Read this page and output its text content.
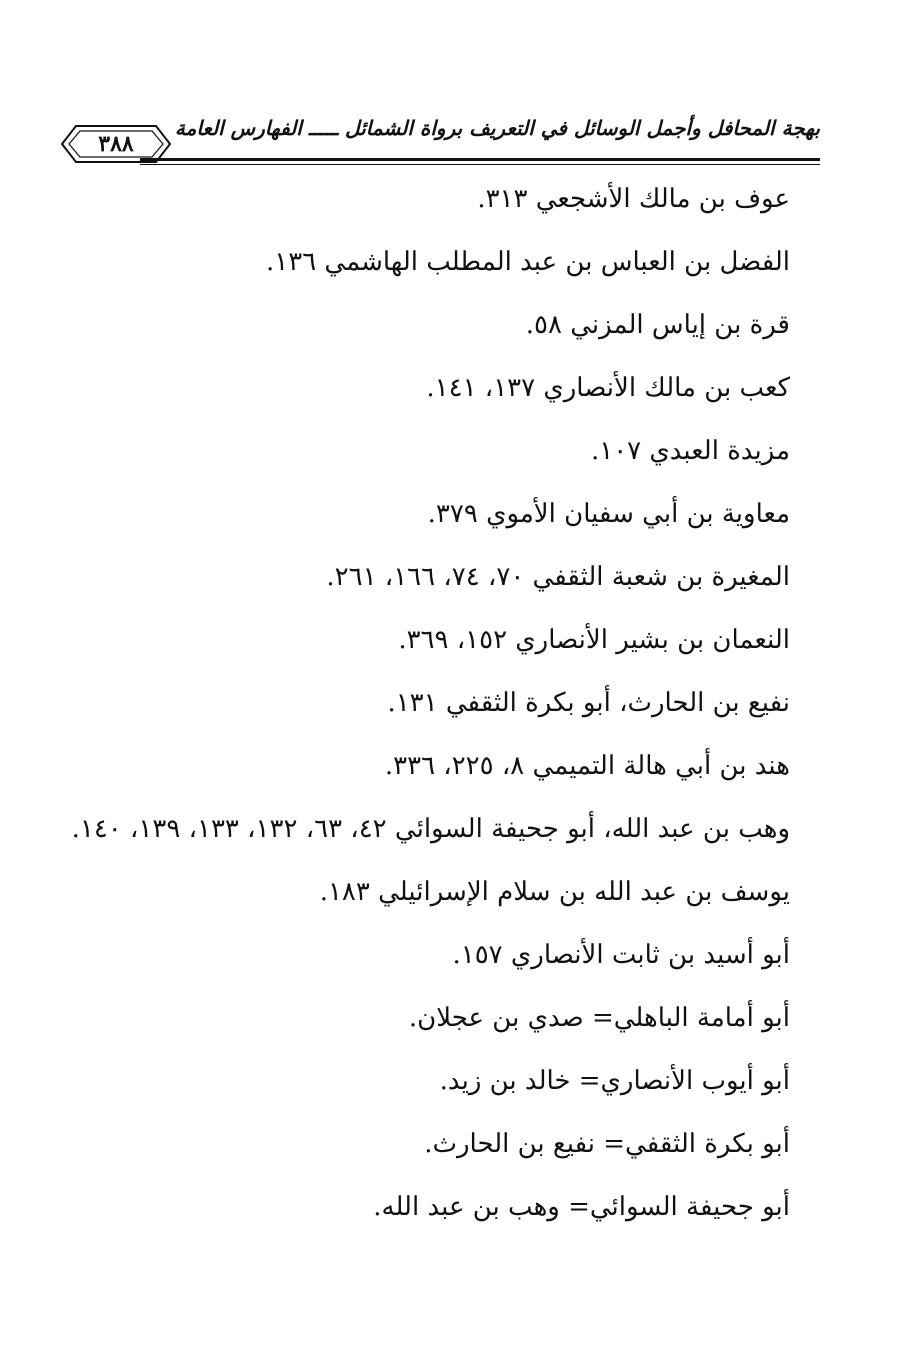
بهجة المحافل وأجمل الوسائل في التعريف برواة الشمائل ـــــ الفهارس العامة
٣٨٨
عوف بن مالك الأشجعي ٣١٣.
الفضل بن العباس بن عبد المطلب الهاشمي ١٣٦.
قرة بن إياس المزني ٥٨.
كعب بن مالك الأنصاري ١٣٧، ١٤١.
مزيدة العبدي ١٠٧.
معاوية بن أبي سفيان الأموي ٣٧٩.
المغيرة بن شعبة الثقفي ٧٠، ٧٤، ١٦٦، ٢٦١.
النعمان بن بشير الأنصاري ١٥٢، ٣٦٩.
نفيع بن الحارث، أبو بكرة الثقفي ١٣١.
هند بن أبي هالة التميمي ٨، ٢٢٥، ٣٣٦.
وهب بن عبد الله، أبو جحيفة السوائي ٤٢، ٦٣، ١٣٢، ١٣٣، ١٣٩، ١٤٠.
يوسف بن عبد الله بن سلام الإسرائيلي ١٨٣.
أبو أسيد بن ثابت الأنصاري ١٥٧.
أبو أمامة الباهلي= صدي بن عجلان.
أبو أيوب الأنصاري= خالد بن زيد.
أبو بكرة الثقفي= نفيع بن الحارث.
أبو جحيفة السوائي= وهب بن عبد الله.
